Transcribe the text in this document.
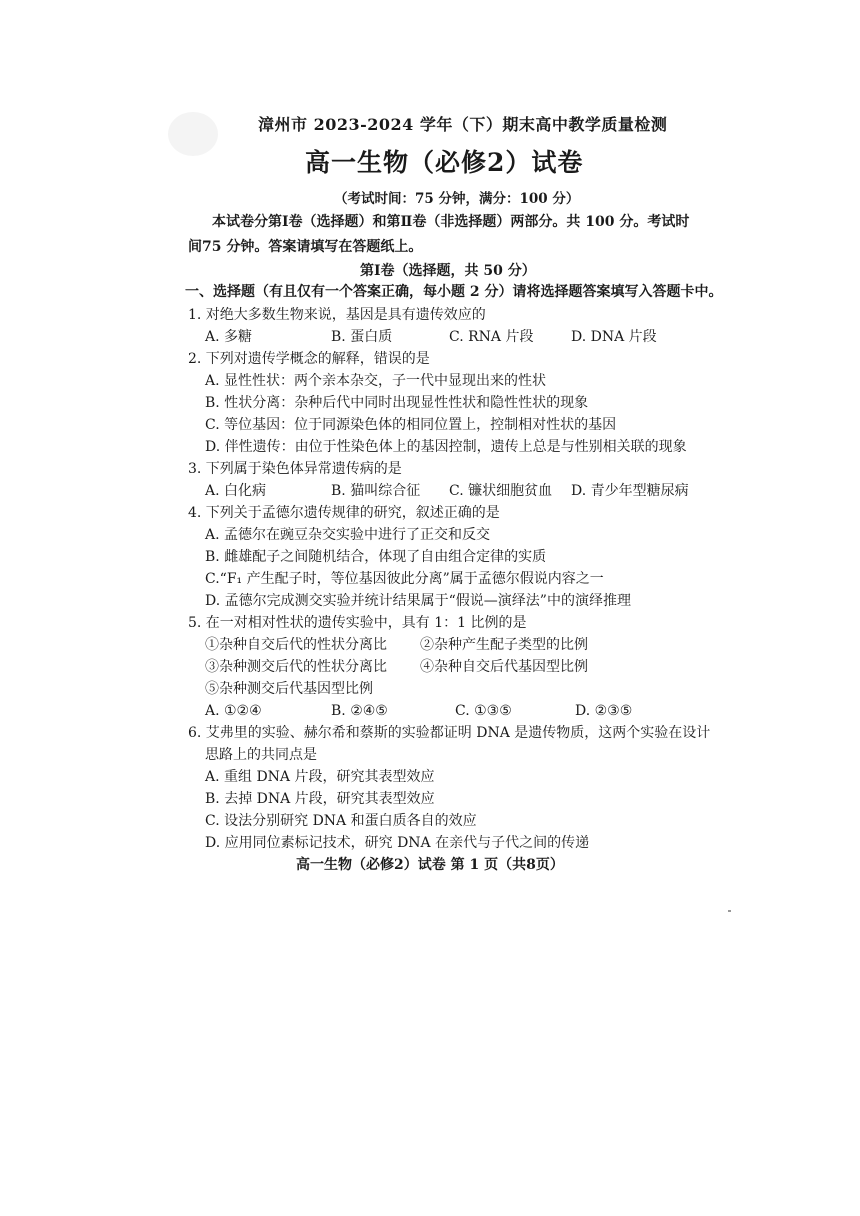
漳州市 2023-2024 学年（下）期末高中教学质量检测
高一生物（必修2）试卷
（考试时间：75 分钟，满分：100 分）
本试卷分第Ⅰ卷（选择题）和第Ⅱ卷（非选择题）两部分。共 100 分。考试时
间75 分钟。答案请填写在答题纸上。
第Ⅰ卷（选择题，共 50 分）
一、选择题（有且仅有一个答案正确，每小题 2 分）请将选择题答案填写入答题卡中。
1. 对绝大多数生物来说，基因是具有遗传效应的
A. 多糖	B. 蛋白质	C. RNA 片段	D. DNA 片段
2. 下列对遗传学概念的解释，错误的是
A. 显性性状：两个亲本杂交，子一代中显现出来的性状
B. 性状分离：杂种后代中同时出现显性性状和隐性性状的现象
C. 等位基因：位于同源染色体的相同位置上，控制相对性状的基因
D. 伴性遗传：由位于性染色体上的基因控制，遗传上总是与性别相关联的现象
3. 下列属于染色体异常遗传病的是
A. 白化病	B. 猫叫综合征 C. 镰状细胞贫血 D. 青少年型糖尿病
4. 下列关于孟德尔遗传规律的研究，叙述正确的是
A. 孟德尔在豌豆杂交实验中进行了正交和反交
B. 雌雄配子之间随机结合，体现了自由组合定律的实质
C.“F₁ 产生配子时，等位基因彼此分离”属于孟德尔假说内容之一
D. 孟德尔完成测交实验并统计结果属于“假说—演绎法”中的演绎推理
5. 在一对相对性状的遗传实验中，具有 1：1 比例的是
①杂种自交后代的性状分离比 ②杂种产生配子类型的比例
③杂种测交后代的性状分离比 ④杂种自交后代基因型比例
⑤杂种测交后代基因型比例
A. ①②④	B. ②④⑤	C. ①③⑤	D. ②③⑤
6. 艾弗里的实验、赫尔希和蔡斯的实验都证明 DNA 是遗传物质，这两个实验在设计
思路上的共同点是
A. 重组 DNA 片段，研究其表型效应
B. 去掉 DNA 片段，研究其表型效应
C. 设法分别研究 DNA 和蛋白质各自的效应
D. 应用同位素标记技术，研究 DNA 在亲代与子代之间的传递
高一生物（必修2）试卷 第 1 页（共8页）
